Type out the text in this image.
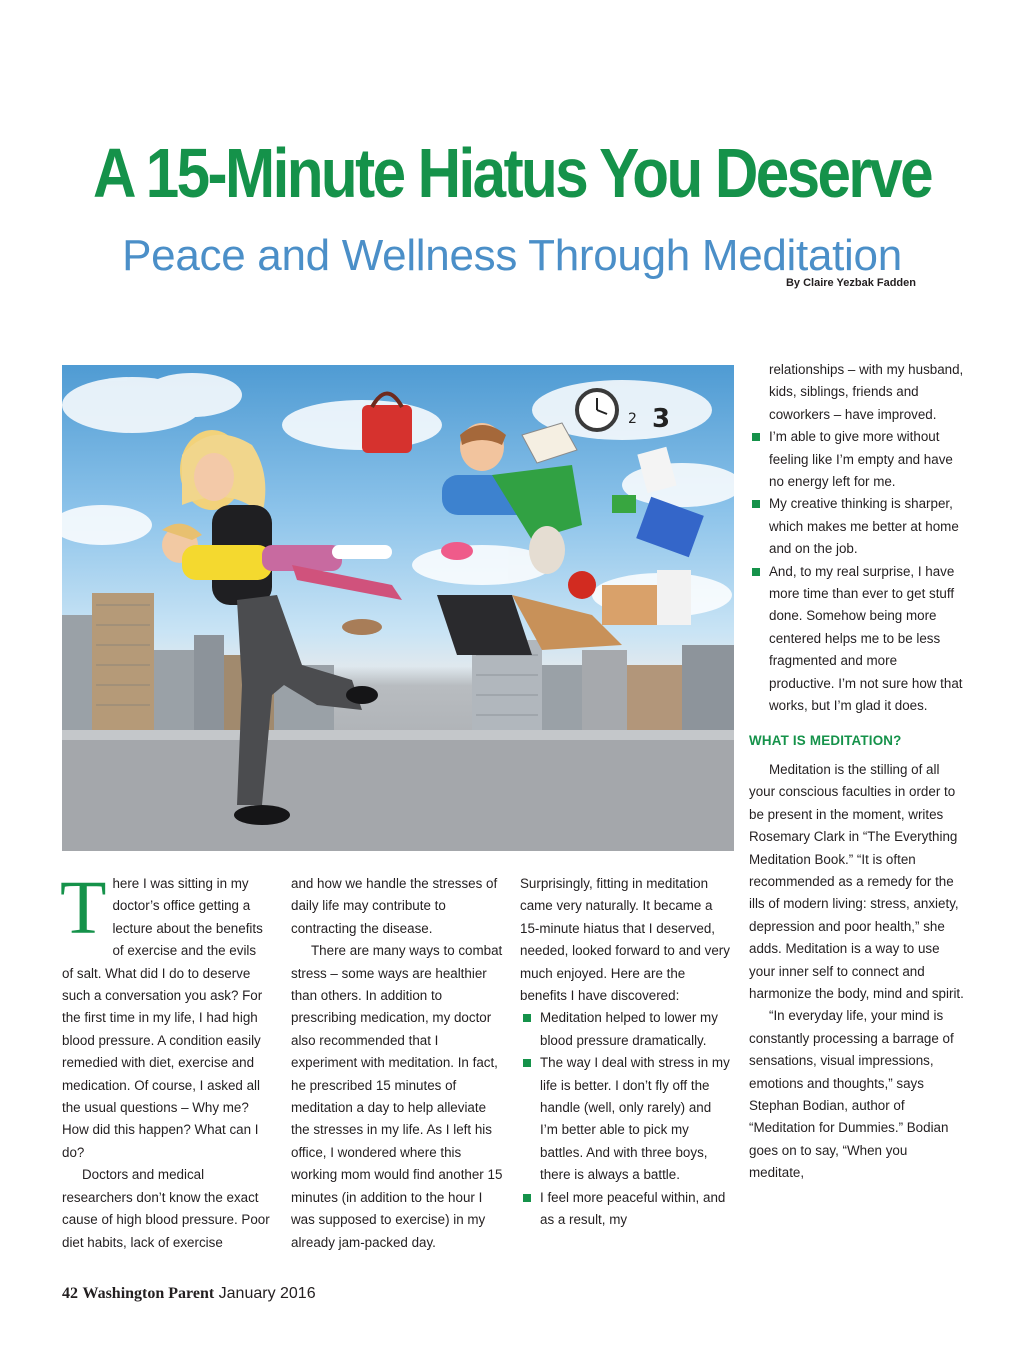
A 15-Minute Hiatus You Deserve
Peace and Wellness Through Meditation
By Claire Yezbak Fadden
2 3
T here I was sitting in my doctor’s office getting a lecture about the benefits of exercise and the evils of salt. What did I do to deserve such a conversation you ask? For the first time in my life, I had high blood pressure. A condition easily remedied with diet, exercise and medication. Of course, I asked all the usual questions – Why me? How did this happen? What can I do?

Doctors and medical researchers don’t know the exact cause of high blood pressure. Poor diet habits, lack of exercise

and how we handle the stresses of daily life may contribute to contracting the disease.

There are many ways to combat stress – some ways are healthier than others. In addition to prescribing medication, my doctor also recommended that I experiment with meditation. In fact, he prescribed 15 minutes of meditation a day to help alleviate the stresses in my life. As I left his office, I wondered where this working mom would find another 15 minutes (in addition to the hour I was supposed to exercise) in my already jam-packed day.

Surprisingly, fitting in meditation came very naturally. It became a 15-minute hiatus that I deserved, needed, looked forward to and very much enjoyed. Here are the benefits I have discovered:

Meditation helped to lower my blood pressure dramatically.
The way I deal with stress in my life is better. I don’t fly off the handle (well, only rarely) and I’m better able to pick my battles. And with three boys, there is always a battle.
I feel more peaceful within, and as a result, my

relationships – with my husband, kids, siblings, friends and coworkers – have improved.

I’m able to give more without feeling like I’m empty and have no energy left for me.
My creative thinking is sharper, which makes me better at home and on the job.
And, to my real surprise, I have more time than ever to get stuff done. Somehow being more centered helps me to be less fragmented and more productive. I’m not sure how that works, but I’m glad it does.
WHAT IS MEDITATION?

Meditation is the stilling of all your conscious faculties in order to be present in the moment, writes Rosemary Clark in “The Everything Meditation Book.” “It is often recommended as a remedy for the ills of modern living: stress, anxiety, depression and poor health,” she adds. Meditation is a way to use your inner self to connect and harmonize the body, mind and spirit.

“In everyday life, your mind is constantly processing a barrage of sensations, visual impressions, emotions and thoughts,” says Stephan Bodian, author of “Meditation for Dummies.” Bodian goes on to say, “When you meditate,

42 Washington Parent January 2016
